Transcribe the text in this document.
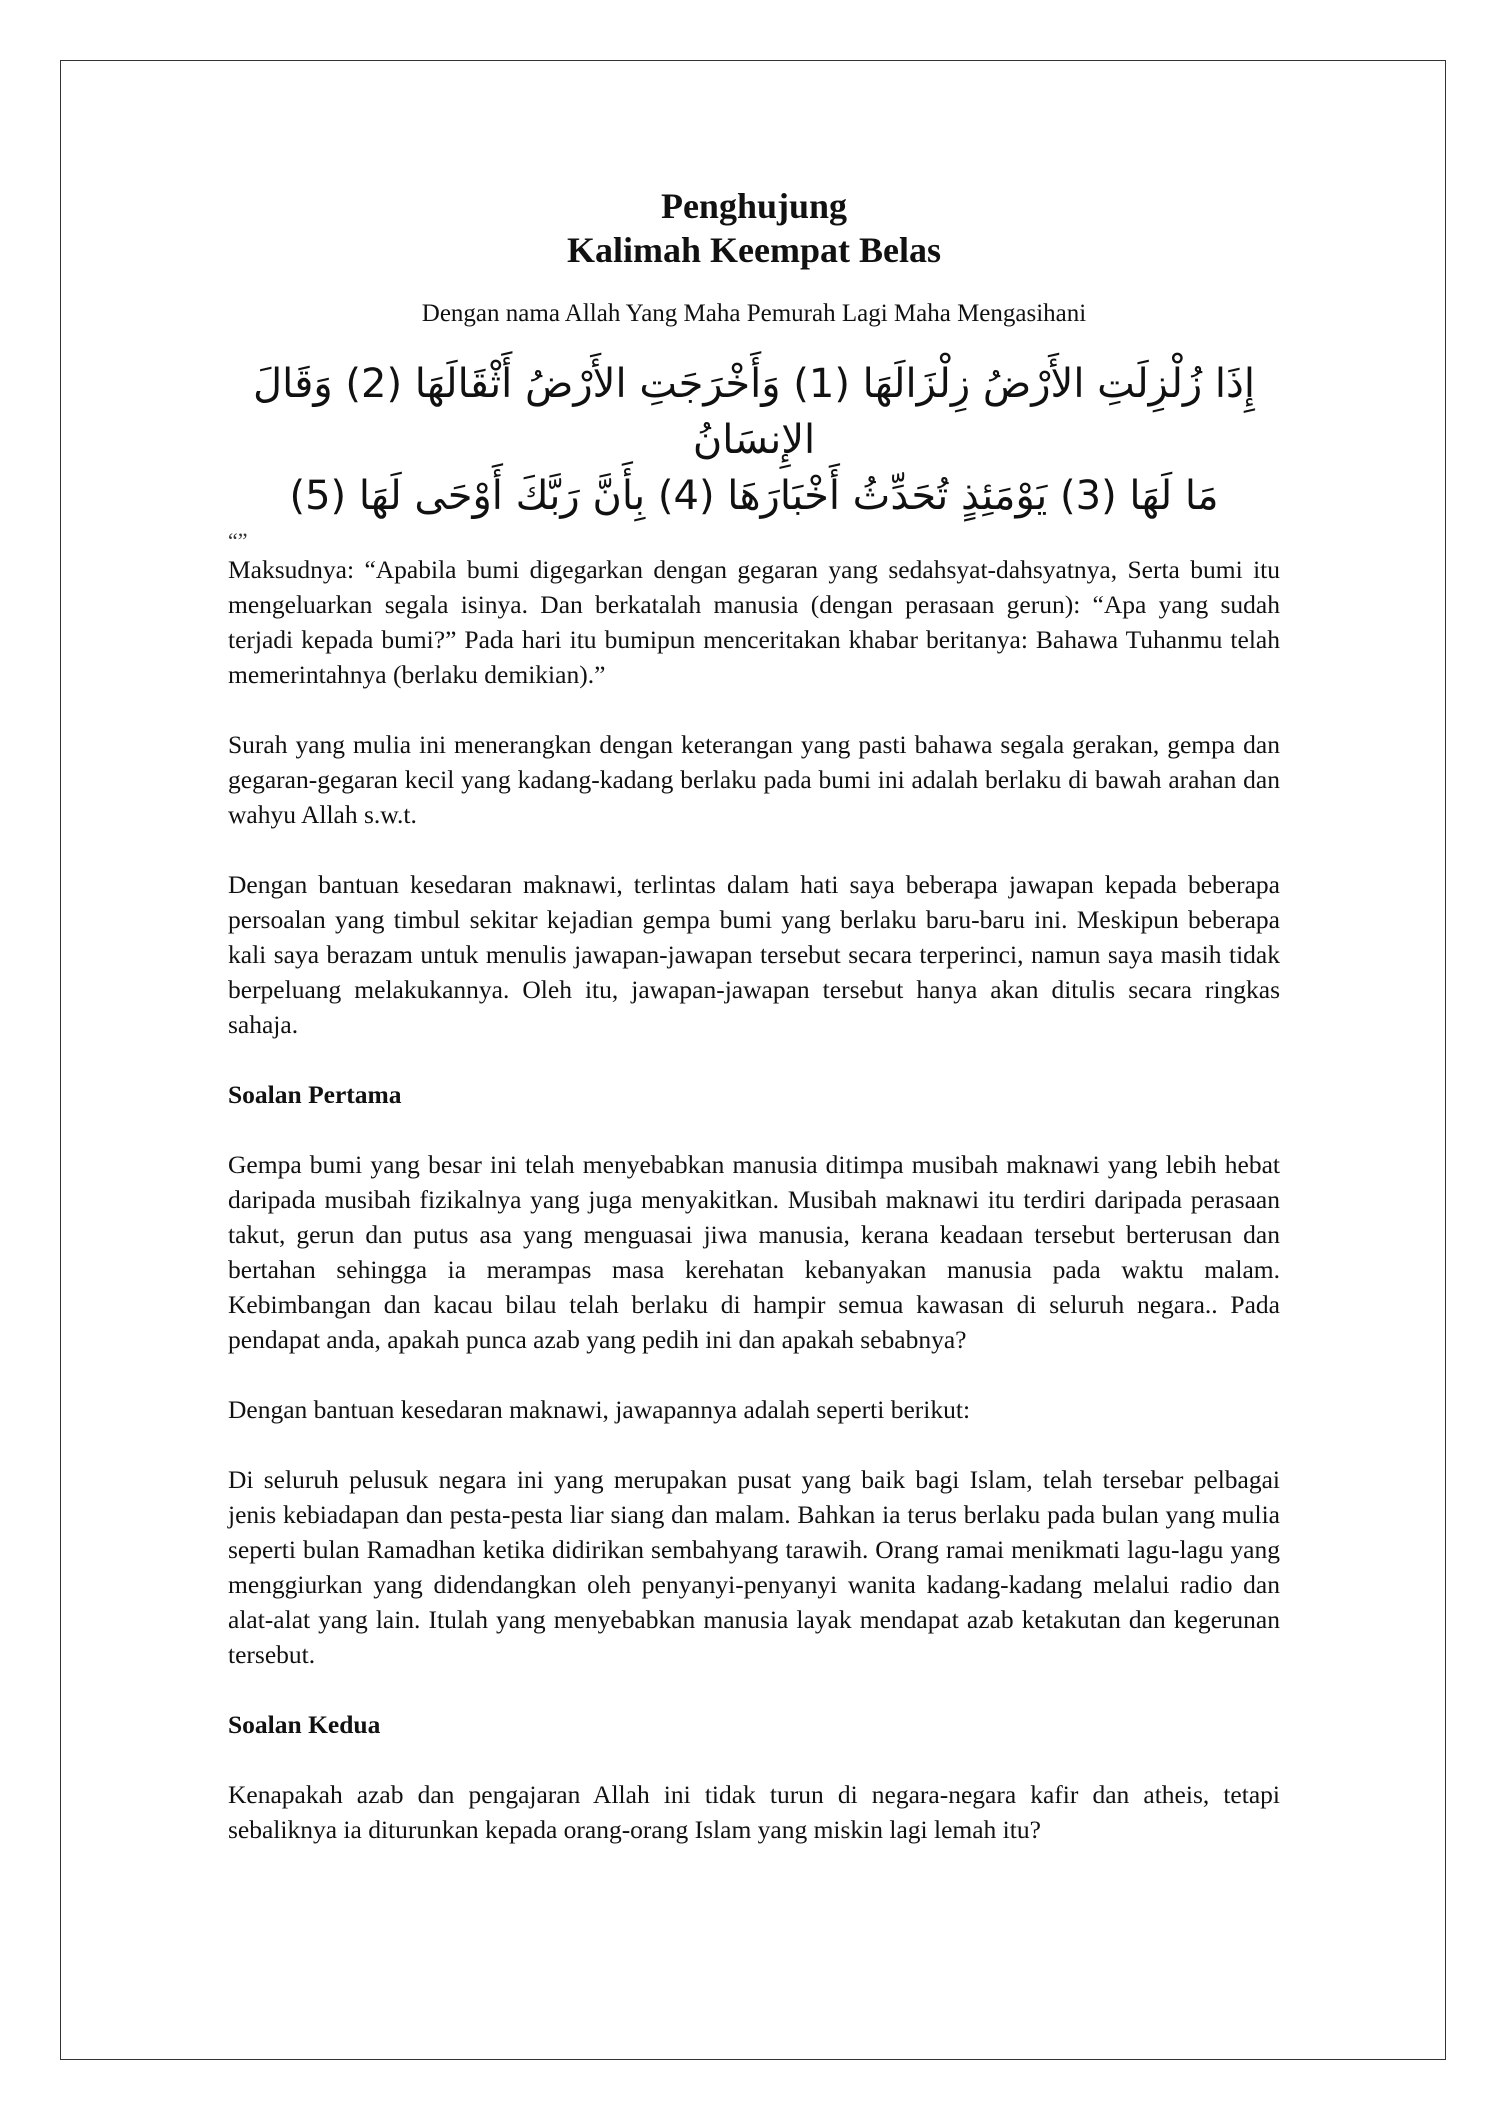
Penghujung
Kalimah Keempat Belas
Dengan nama Allah Yang Maha Pemurah Lagi Maha Mengasihani
إِذَا زُلْزِلَتِ الأَرْضُ زِلْزَالَهَا (1) وَأَخْرَجَتِ الأَرْضُ أَثْقَالَهَا (2) وَقَالَ الإِنسَانُ
مَا لَهَا (3) يَوْمَئِذٍ تُحَدِّثُ أَخْبَارَهَا (4) بِأَنَّ رَبَّكَ أَوْحَى لَهَا (5)
“”

Maksudnya: “Apabila bumi digegarkan dengan gegaran yang sedahsyat-dahsyatnya, Serta bumi itu mengeluarkan segala isinya. Dan berkatalah manusia (dengan perasaan gerun): “Apa yang sudah terjadi kepada bumi?” Pada hari itu bumipun menceritakan khabar beritanya: Bahawa Tuhanmu telah memerintahnya (berlaku demikian).”

Surah yang mulia ini menerangkan dengan keterangan yang pasti bahawa segala gerakan, gempa dan gegaran-gegaran kecil yang kadang-kadang berlaku pada bumi ini adalah berlaku di bawah arahan dan wahyu Allah s.w.t.

Dengan bantuan kesedaran maknawi, terlintas dalam hati saya beberapa jawapan kepada beberapa persoalan yang timbul sekitar kejadian gempa bumi yang berlaku baru-baru ini. Meskipun beberapa kali saya berazam untuk menulis jawapan-jawapan tersebut secara terperinci, namun saya masih tidak berpeluang melakukannya. Oleh itu, jawapan-jawapan tersebut hanya akan ditulis secara ringkas sahaja.

Soalan Pertama

Gempa bumi yang besar ini telah menyebabkan manusia ditimpa musibah maknawi yang lebih hebat daripada musibah fizikalnya yang juga menyakitkan. Musibah maknawi itu terdiri daripada perasaan takut, gerun dan putus asa yang menguasai jiwa manusia, kerana keadaan tersebut berterusan dan bertahan sehingga ia merampas masa kerehatan kebanyakan manusia pada waktu malam. Kebimbangan dan kacau bilau telah berlaku di hampir semua kawasan di seluruh negara.. Pada pendapat anda, apakah punca azab yang pedih ini dan apakah sebabnya?

Dengan bantuan kesedaran maknawi, jawapannya adalah seperti berikut:

Di seluruh pelusuk negara ini yang merupakan pusat yang baik bagi Islam, telah tersebar pelbagai jenis kebiadapan dan pesta-pesta liar siang dan malam. Bahkan ia terus berlaku pada bulan yang mulia seperti bulan Ramadhan ketika didirikan sembahyang tarawih. Orang ramai menikmati lagu-lagu yang menggiurkan yang didendangkan oleh penyanyi-penyanyi wanita kadang-kadang melalui radio dan alat-alat yang lain. Itulah yang menyebabkan manusia layak mendapat azab ketakutan dan kegerunan tersebut.

Soalan Kedua

Kenapakah azab dan pengajaran Allah ini tidak turun di negara-negara kafir dan atheis, tetapi sebaliknya ia diturunkan kepada orang-orang Islam yang miskin lagi lemah itu?
